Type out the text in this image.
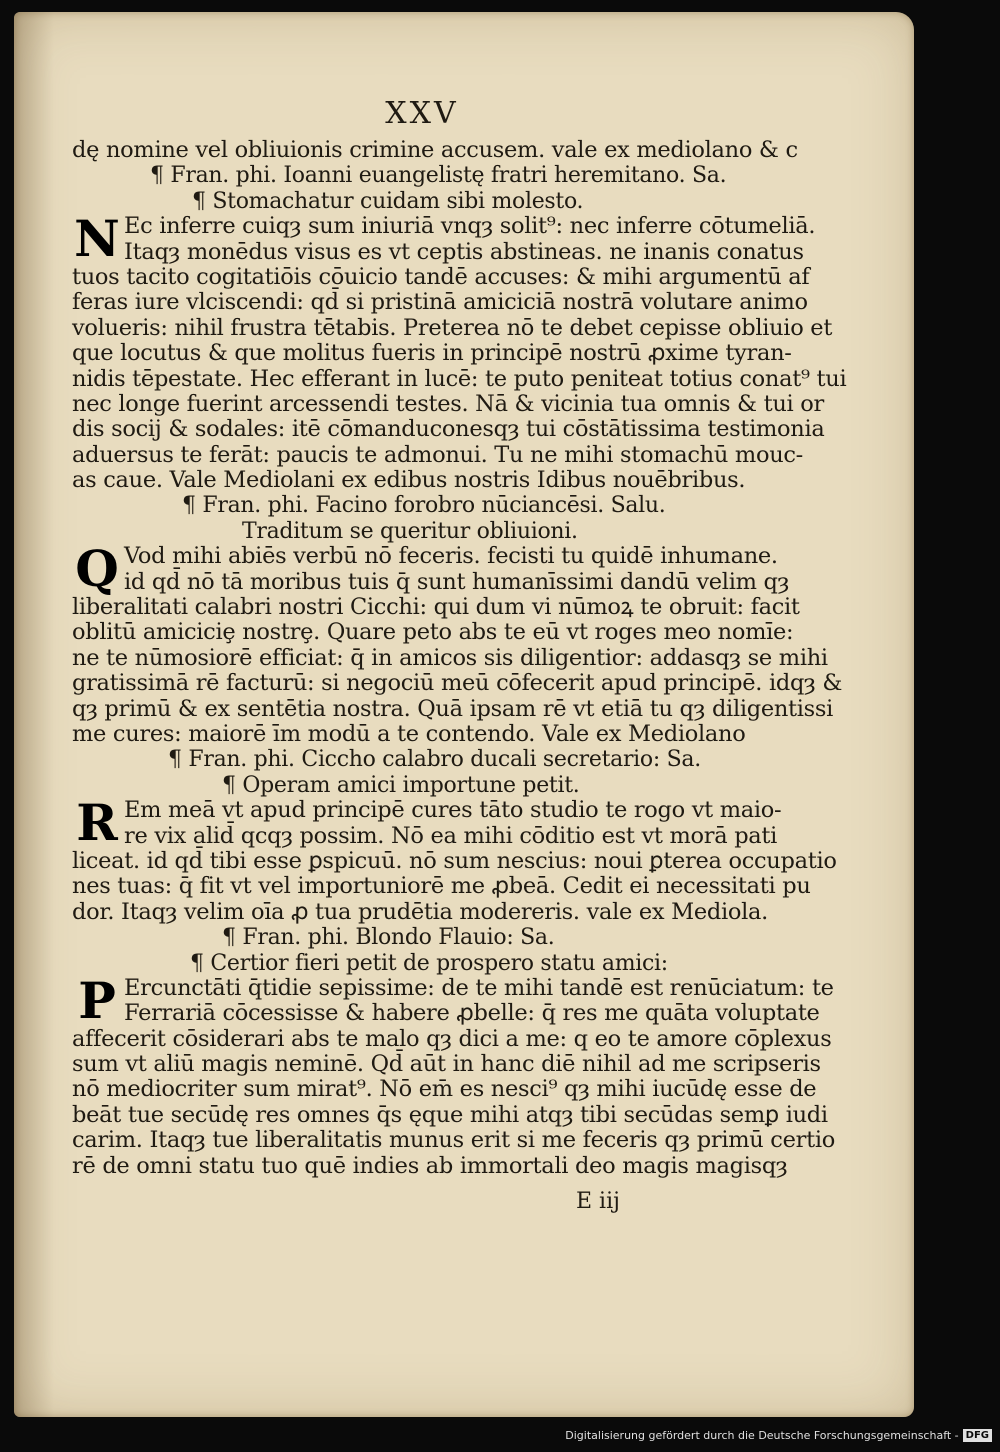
XXV
dę nomine vel obliuionis crimine accusem. vale ex mediolano & c
¶ Fran. phi. Ioanni euangelistę fratri heremitano. Sa.
¶ Stomachatur cuidam sibi molesto.
N Ec inferre cuiqȝ sum iniuriā vnqȝ solit⁹: nec inferre cōtumeliā.
Itaqȝ monēdus visus es vt ceptis abstineas. ne inanis conatus
tuos tacito cogitatiōis cōuicio tandē accuses: & mihi argumentū af
feras iure vlciscendi: qd̄ si pristinā amiciciā nostrā volutare animo
volueris: nihil frustra tētabis. Preterea nō te debet cepisse obliuio et
que locutus & que molitus fueris in principē nostrū ꝓxime tyran-
nidis tēpestate. Hec efferant in lucē: te puto peniteat totius conat⁹ tui
nec longe fuerint arcessendi testes. Nā & vicinia tua omnis & tui or
dis socij & sodales: itē cōmanduconesqȝ tui cōstātissima testimonia
aduersus te ferāt: paucis te admonui. Tu ne mihi stomachū mouc-
as caue. Vale Mediolani ex edibus nostris Idibus nouēbribus.
¶ Fran. phi. Facino forobro nūciancēsi. Salu.
Traditum se queritur obliuioni.
Q Vod mihi abiēs verbū nō feceris. fecisti tu quidē inhumane.
id qd̄ nō tā moribus tuis q̄ sunt humanīssimi dandū velim qȝ
liberalitati calabri nostri Cicchi: qui dum vi nūmoꝝ te obruit: facit
oblitū amiciciȩ nostrȩ. Quare peto abs te eū vt roges meo nomīe:
ne te nūmosiorē efficiat: q̄ in amicos sis diligentior: addasqȝ se mihi
gratissimā rē facturū: si negociū meū cōfecerit apud principē. idqȝ &
qȝ primū & ex sentētia nostra. Quā ipsam rē vt etiā tu qȝ diligentissi
me cures: maiorē īm modū a te contendo. Vale ex Mediolano
¶ Fran. phi. Ciccho calabro ducali secretario: Sa.
¶ Operam amici importune petit.
R Em meā vt apud principē cures tāto studio te rogo vt maio-
re vix alid̄ qcqȝ possim. Nō ea mihi cōditio est vt morā pati
liceat. id qd̄ tibi esse ꝑspicuū. nō sum nescius: noui ꝑterea occupatio
nes tuas: q̄ fit vt vel importuniorē me ꝓbeā. Cedit ei necessitati pu
dor. Itaqȝ velim oīa ꝓ tua prudētia modereris. vale ex Mediola.
¶ Fran. phi. Blondo Flauio: Sa.
¶ Certior fieri petit de prospero statu amici:
P Ercunctāti q̄tidie sepissime: de te mihi tandē est renūciatum: te
Ferrariā cōcessisse & habere ꝓbelle: q̄ res me quāta voluptate
affecerit cōsiderari abs te malo qȝ dici a me: q eo te amore cōplexus
sum vt aliū magis neminē. Qd̄ aūt in hanc diē nihil ad me scripseris
nō mediocriter sum mirat⁹. Nō em̄ es nesci⁹ qȝ mihi iucūdę esse de
beāt tue secūdę res omnes q̄s ęque mihi atqȝ tibi secūdas semꝑ iudi
carim. Itaqȝ tue liberalitatis munus erit si me feceris qȝ primū certio
rē de omni statu tuo quē indies ab immortali deo magis magisqȝ
E iij
Digitalisierung gefördert durch die Deutsche Forschungsgemeinschaft - DFG
